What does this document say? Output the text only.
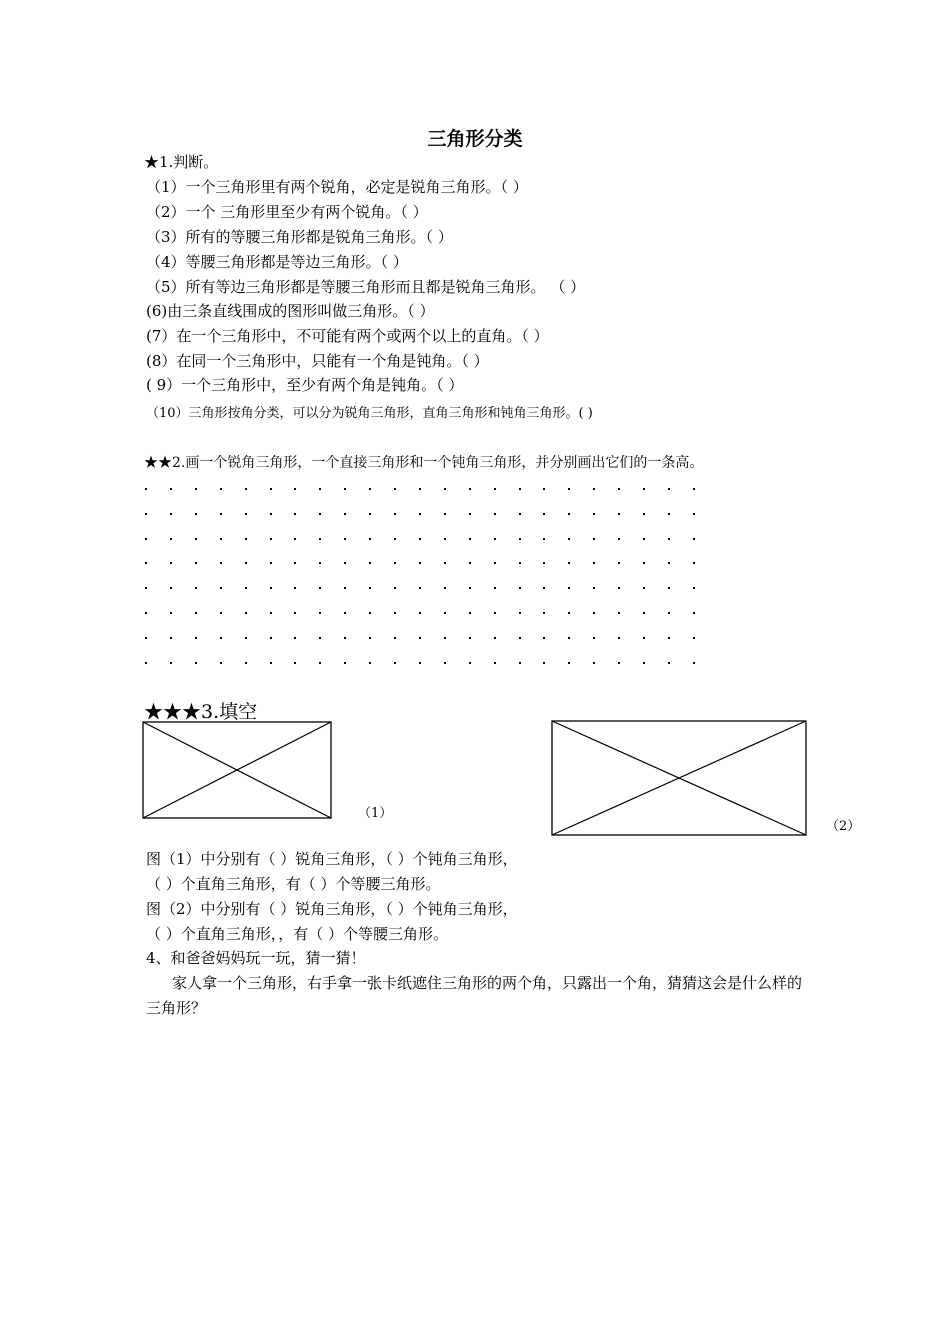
三角形分类
★1.判断。
（1）一个三角形里有两个锐角，必定是锐角三角形。（ ）
（2）一个 三角形里至少有两个锐角。（ ）
（3）所有的等腰三角形都是锐角三角形。（ ）
（4）等腰三角形都是等边三角形。（ ）
（5）所有等边三角形都是等腰三角形而且都是锐角三角形。 （ ）
(6)由三条直线围成的图形叫做三角形。（ ）
(7）在一个三角形中，不可能有两个或两个以上的直角。（ ）
(8）在同一个三角形中，只能有一个角是钝角。（ ）
( 9）一个三角形中，至少有两个角是钝角。（ ）
（10）三角形按角分类，可以分为锐角三角形，直角三角形和钝角三角形。( )
★★2.画一个锐角三角形，一个直接三角形和一个钝角三角形，并分别画出它们的一条高。
★★★3.填空
（1）
（2）
图（1）中分别有（ ）锐角三角形，（ ）个钝角三角形，
（ ）个直角三角形，有（ ）个等腰三角形。
图（2）中分别有（ ）锐角三角形，（ ）个钝角三角形，
（ ）个直角三角形，，有（ ）个等腰三角形。
4、和爸爸妈妈玩一玩，猜一猜！
家人拿一个三角形，右手拿一张卡纸遮住三角形的两个角，只露出一个角，猜猜这会是什么样的三角形？
